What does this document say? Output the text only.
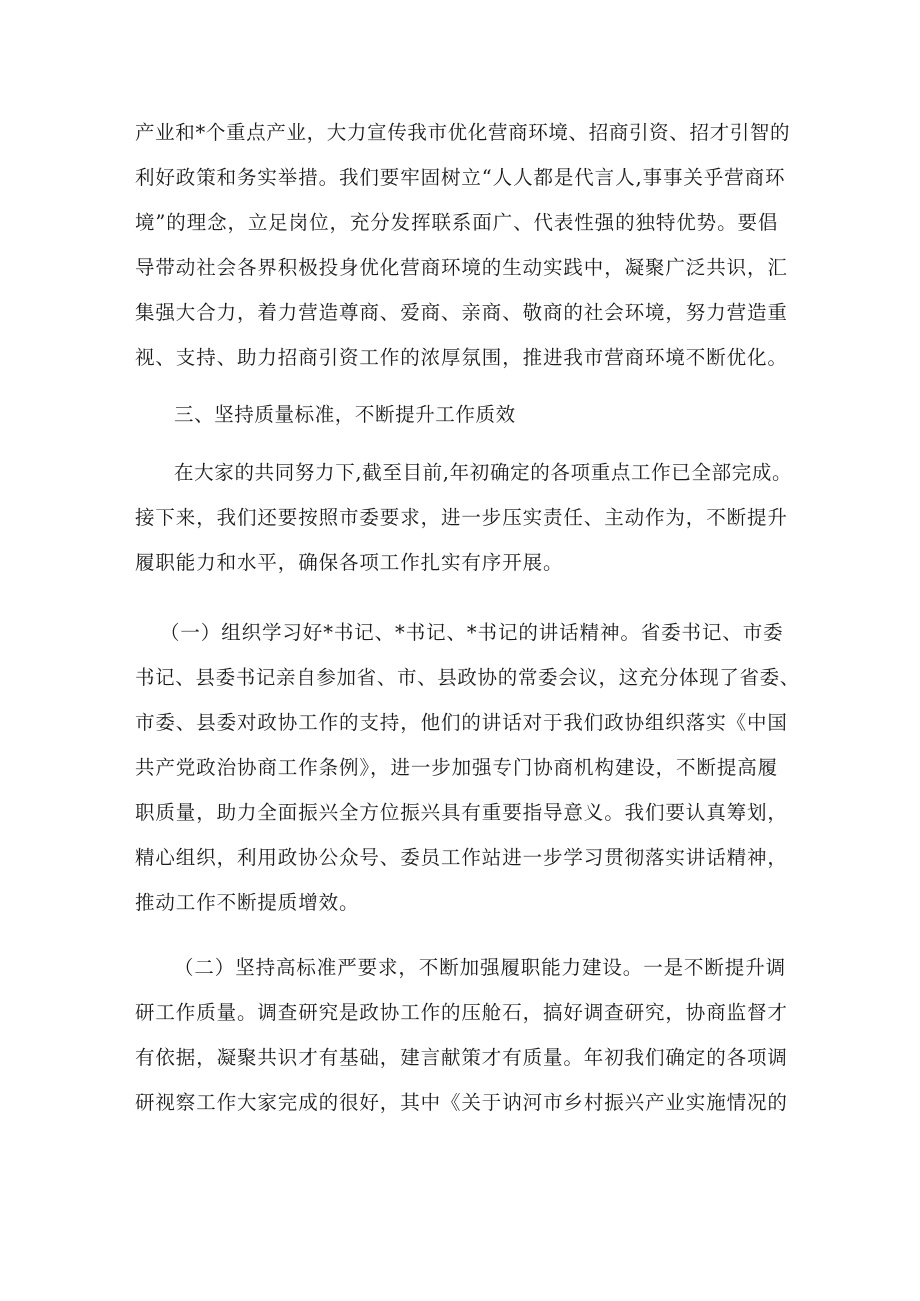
产业和*个重点产业，大力宣传我市优化营商环境、招商引资、招才引智的

利好政策和务实举措。我们要牢固树立“人人都是代言人,事事关乎营商环

境”的理念，立足岗位，充分发挥联系面广、代表性强的独特优势。要倡

导带动社会各界积极投身优化营商环境的生动实践中，凝聚广泛共识，汇

集强大合力，着力营造尊商、爱商、亲商、敬商的社会环境，努力营造重

视、支持、助力招商引资工作的浓厚氛围，推进我市营商环境不断优化。

三、坚持质量标准，不断提升工作质效

在大家的共同努力下,截至目前,年初确定的各项重点工作已全部完成。

接下来，我们还要按照市委要求，进一步压实责任、主动作为，不断提升

履职能力和水平，确保各项工作扎实有序开展。

（一）组织学习好*书记、*书记、*书记的讲话精神。省委书记、市委

书记、县委书记亲自参加省、市、县政协的常委会议，这充分体现了省委、

市委、县委对政协工作的支持，他们的讲话对于我们政协组织落实《中国

共产党政治协商工作条例》，进一步加强专门协商机构建设，不断提高履

职质量，助力全面振兴全方位振兴具有重要指导意义。我们要认真筹划，

精心组织，利用政协公众号、委员工作站进一步学习贯彻落实讲话精神，

推动工作不断提质增效。

（二）坚持高标准严要求，不断加强履职能力建设。一是不断提升调

研工作质量。调查研究是政协工作的压舱石，搞好调查研究，协商监督才

有依据，凝聚共识才有基础，建言献策才有质量。年初我们确定的各项调

研视察工作大家完成的很好，其中《关于讷河市乡村振兴产业实施情况的
